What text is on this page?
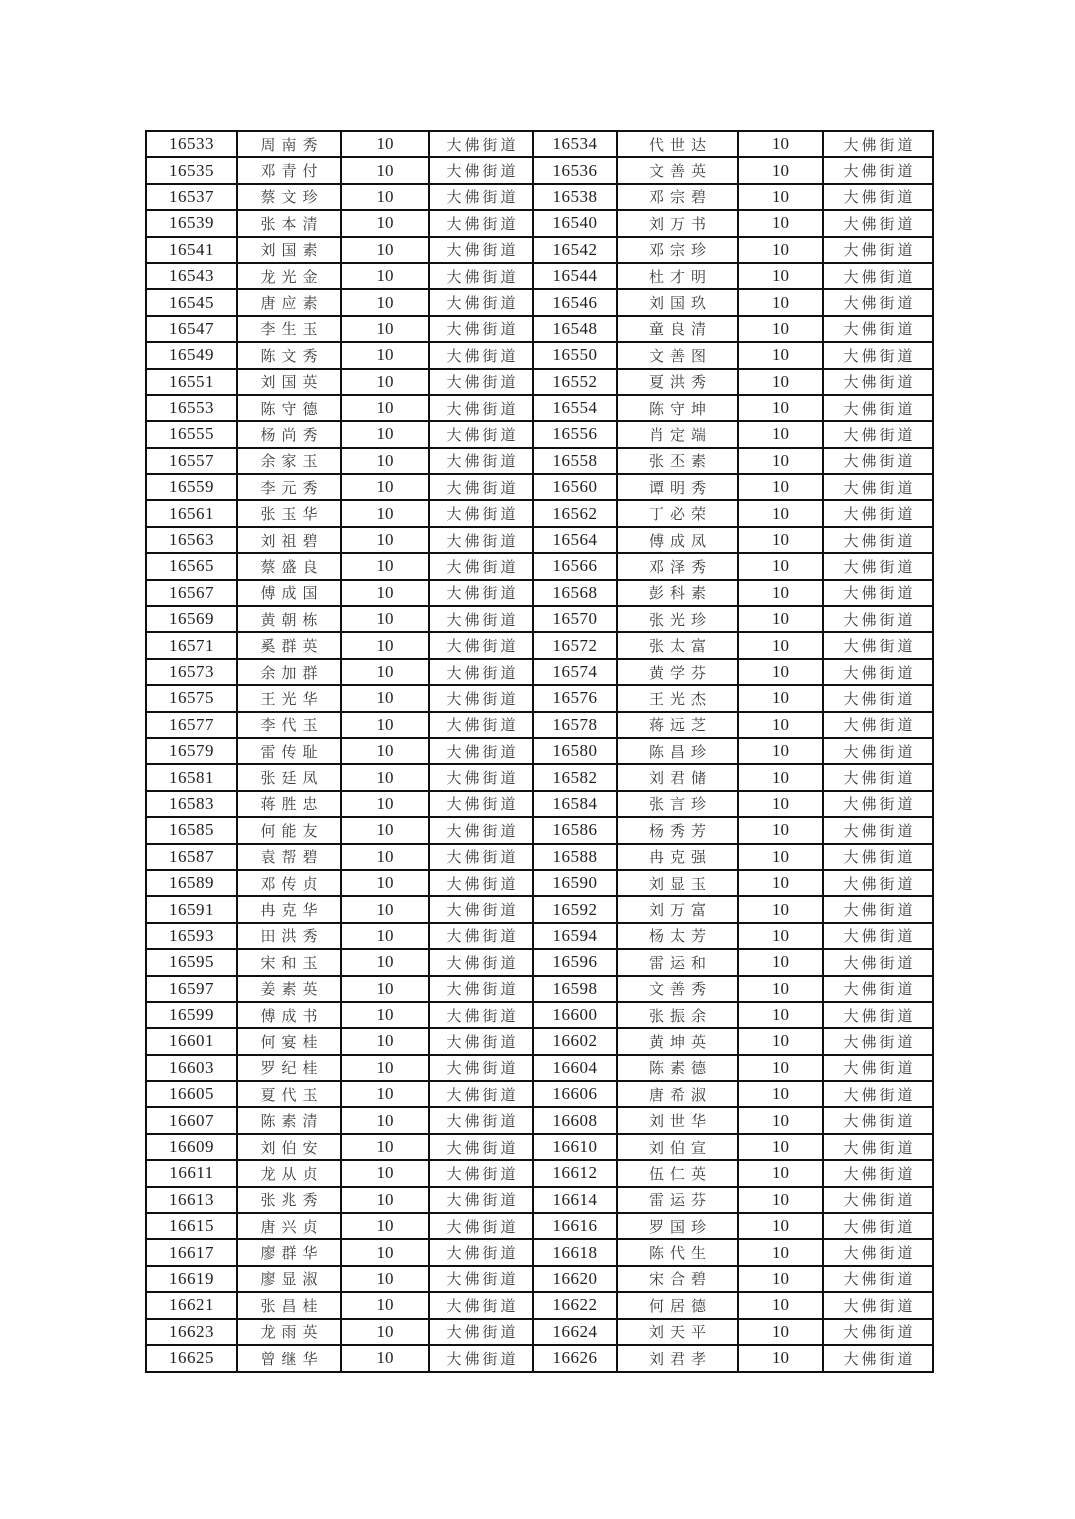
16533	周南秀	10	大佛街道	16534	代世达	10	大佛街道
16535	邓青付	10	大佛街道	16536	文善英	10	大佛街道
16537	蔡文珍	10	大佛街道	16538	邓宗碧	10	大佛街道
16539	张本清	10	大佛街道	16540	刘万书	10	大佛街道
16541	刘国素	10	大佛街道	16542	邓宗珍	10	大佛街道
16543	龙光金	10	大佛街道	16544	杜才明	10	大佛街道
16545	唐应素	10	大佛街道	16546	刘国玖	10	大佛街道
16547	李生玉	10	大佛街道	16548	童良清	10	大佛街道
16549	陈文秀	10	大佛街道	16550	文善图	10	大佛街道
16551	刘国英	10	大佛街道	16552	夏洪秀	10	大佛街道
16553	陈守德	10	大佛街道	16554	陈守坤	10	大佛街道
16555	杨尚秀	10	大佛街道	16556	肖定端	10	大佛街道
16557	余家玉	10	大佛街道	16558	张丕素	10	大佛街道
16559	李元秀	10	大佛街道	16560	谭明秀	10	大佛街道
16561	张玉华	10	大佛街道	16562	丁必荣	10	大佛街道
16563	刘祖碧	10	大佛街道	16564	傅成凤	10	大佛街道
16565	蔡盛良	10	大佛街道	16566	邓泽秀	10	大佛街道
16567	傅成国	10	大佛街道	16568	彭科素	10	大佛街道
16569	黄朝栋	10	大佛街道	16570	张光珍	10	大佛街道
16571	奚群英	10	大佛街道	16572	张太富	10	大佛街道
16573	余加群	10	大佛街道	16574	黄学芬	10	大佛街道
16575	王光华	10	大佛街道	16576	王光杰	10	大佛街道
16577	李代玉	10	大佛街道	16578	蒋远芝	10	大佛街道
16579	雷传耻	10	大佛街道	16580	陈昌珍	10	大佛街道
16581	张廷凤	10	大佛街道	16582	刘君储	10	大佛街道
16583	蒋胜忠	10	大佛街道	16584	张言珍	10	大佛街道
16585	何能友	10	大佛街道	16586	杨秀芳	10	大佛街道
16587	袁帮碧	10	大佛街道	16588	冉克强	10	大佛街道
16589	邓传贞	10	大佛街道	16590	刘显玉	10	大佛街道
16591	冉克华	10	大佛街道	16592	刘万富	10	大佛街道
16593	田洪秀	10	大佛街道	16594	杨太芳	10	大佛街道
16595	宋和玉	10	大佛街道	16596	雷运和	10	大佛街道
16597	姜素英	10	大佛街道	16598	文善秀	10	大佛街道
16599	傅成书	10	大佛街道	16600	张振余	10	大佛街道
16601	何宴桂	10	大佛街道	16602	黄坤英	10	大佛街道
16603	罗纪桂	10	大佛街道	16604	陈素德	10	大佛街道
16605	夏代玉	10	大佛街道	16606	唐希淑	10	大佛街道
16607	陈素清	10	大佛街道	16608	刘世华	10	大佛街道
16609	刘伯安	10	大佛街道	16610	刘伯宣	10	大佛街道
16611	龙从贞	10	大佛街道	16612	伍仁英	10	大佛街道
16613	张兆秀	10	大佛街道	16614	雷运芬	10	大佛街道
16615	唐兴贞	10	大佛街道	16616	罗国珍	10	大佛街道
16617	廖群华	10	大佛街道	16618	陈代生	10	大佛街道
16619	廖显淑	10	大佛街道	16620	宋合碧	10	大佛街道
16621	张昌桂	10	大佛街道	16622	何居德	10	大佛街道
16623	龙雨英	10	大佛街道	16624	刘天平	10	大佛街道
16625	曾继华	10	大佛街道	16626	刘君孝	10	大佛街道
